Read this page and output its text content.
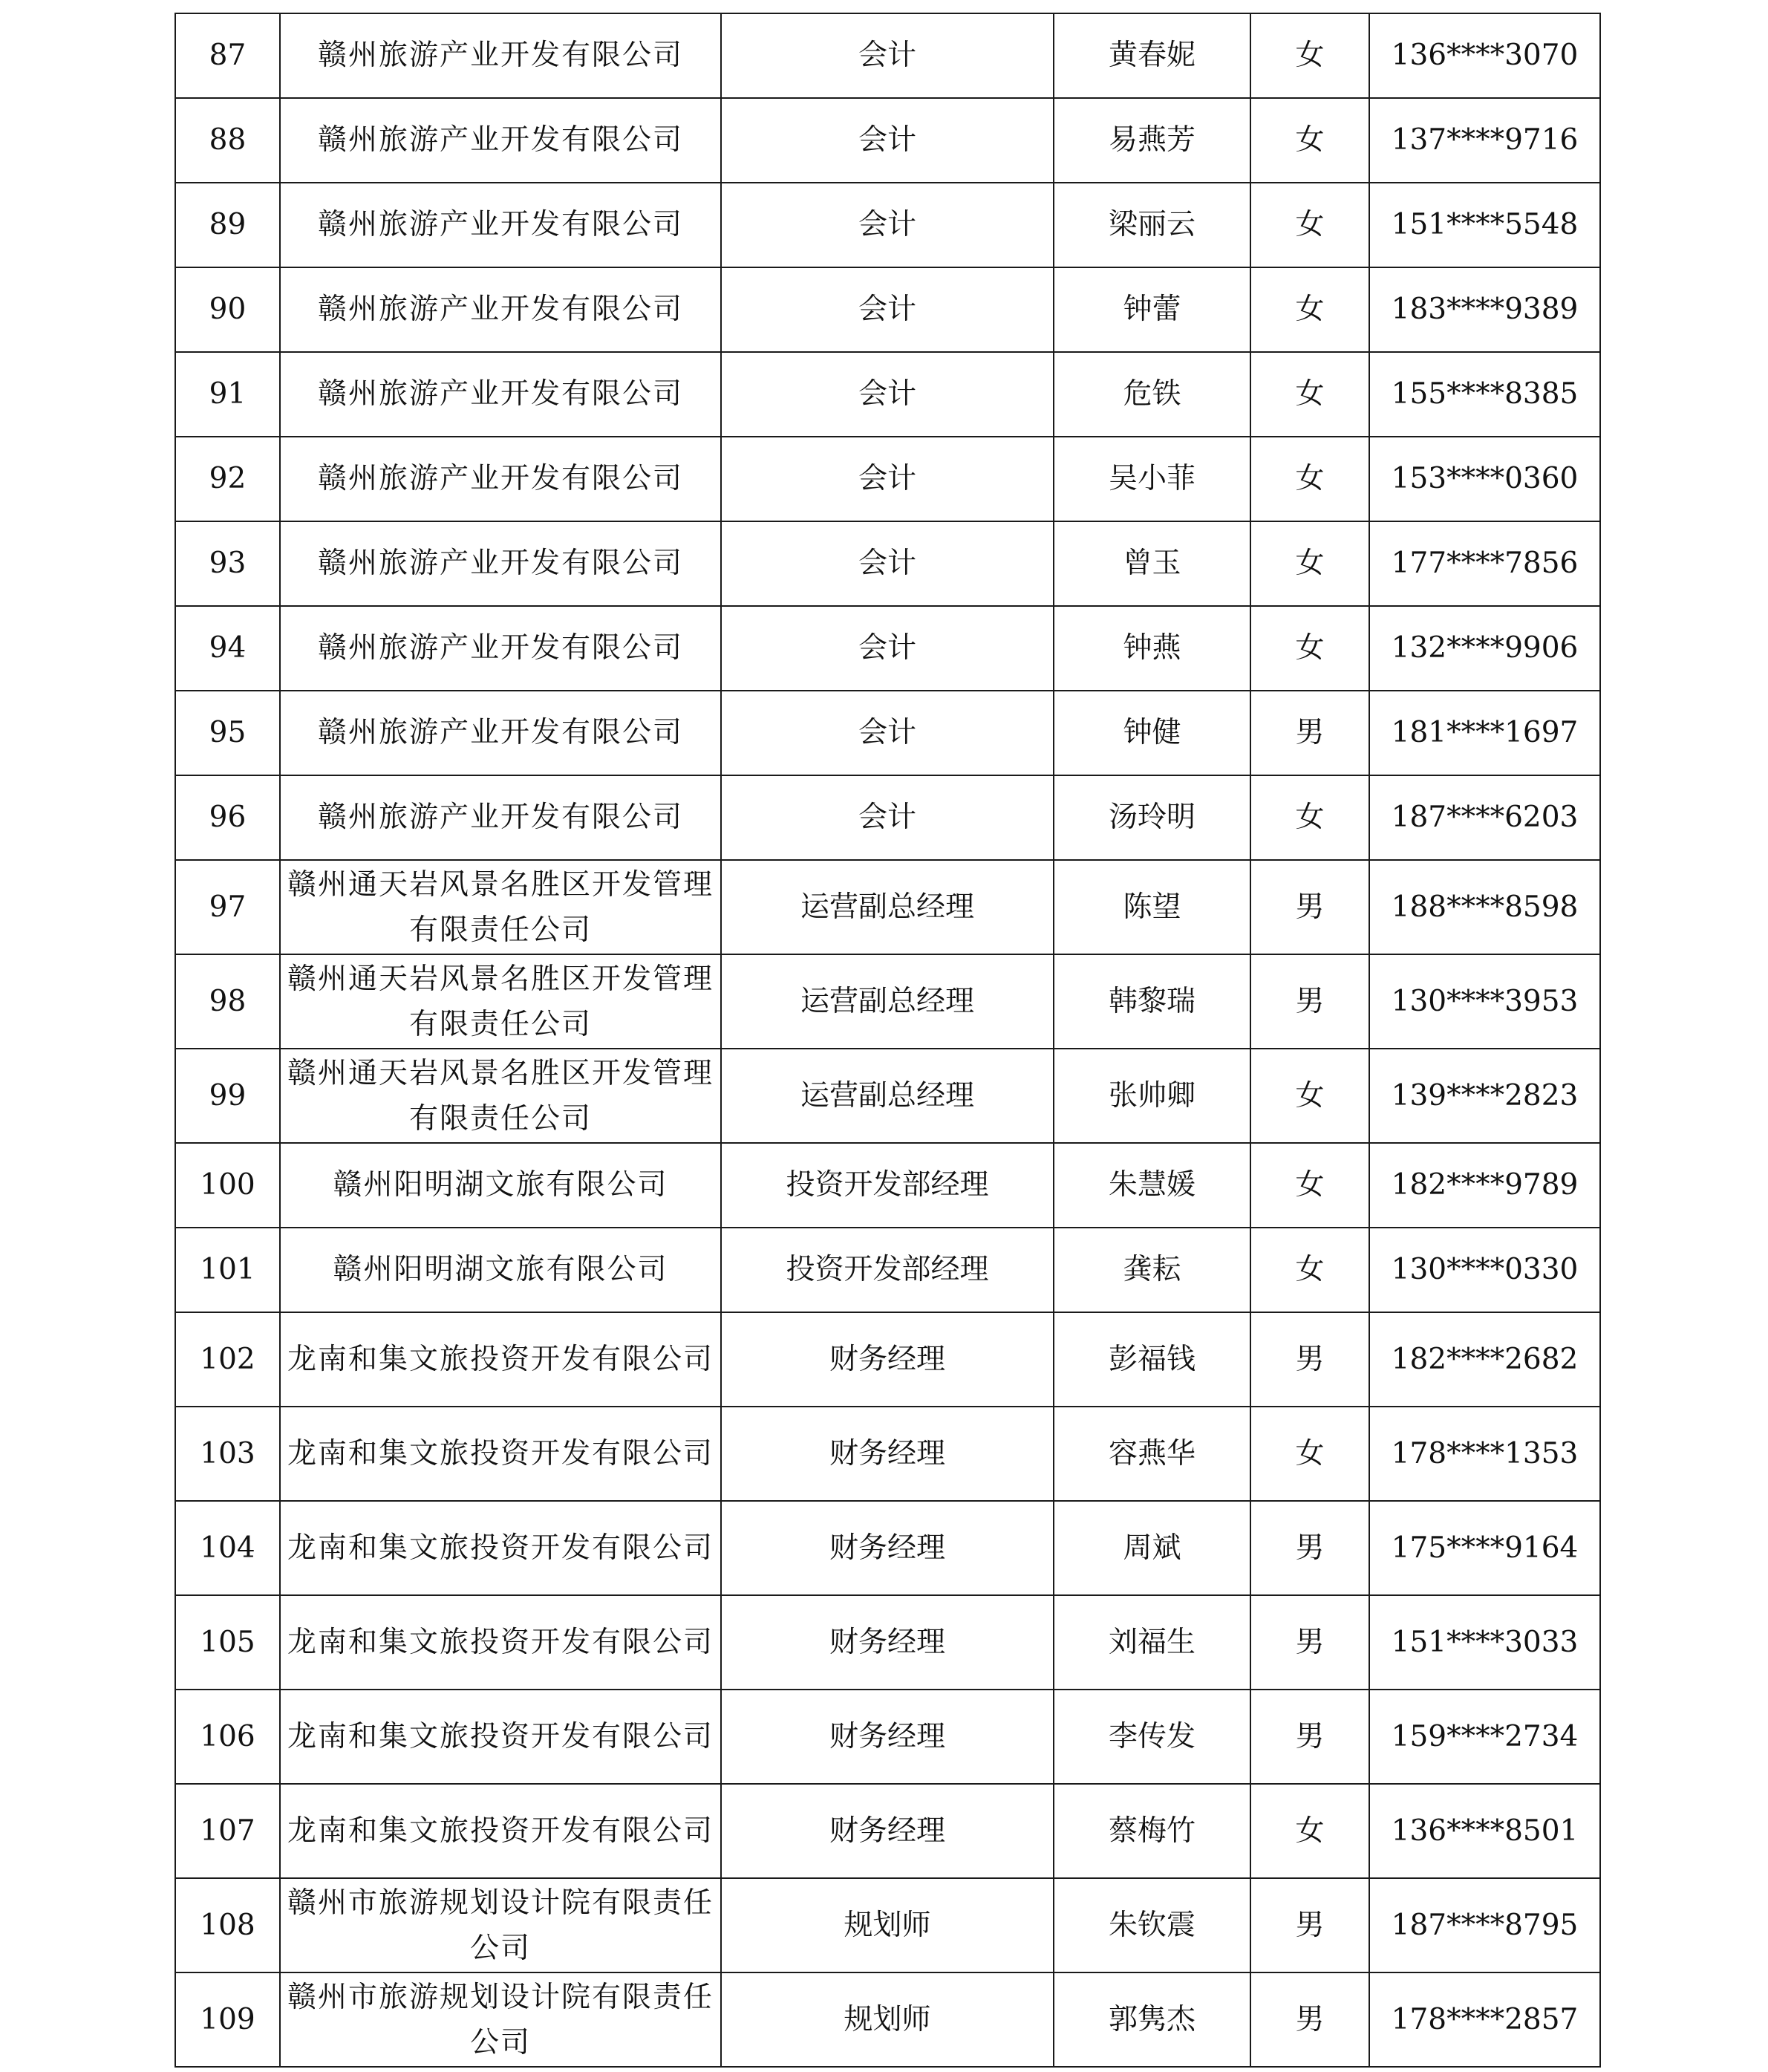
87	赣州旅游产业开发有限公司	会计	黄春妮	女	136****3070
88	赣州旅游产业开发有限公司	会计	易燕芳	女	137****9716
89	赣州旅游产业开发有限公司	会计	梁丽云	女	151****5548
90	赣州旅游产业开发有限公司	会计	钟蕾	女	183****9389
91	赣州旅游产业开发有限公司	会计	危铁	女	155****8385
92	赣州旅游产业开发有限公司	会计	吴小菲	女	153****0360
93	赣州旅游产业开发有限公司	会计	曾玉	女	177****7856
94	赣州旅游产业开发有限公司	会计	钟燕	女	132****9906
95	赣州旅游产业开发有限公司	会计	钟健	男	181****1697
96	赣州旅游产业开发有限公司	会计	汤玲明	女	187****6203
97	赣州通天岩风景名胜区开发管理有限责任公司	运营副总经理	陈望	男	188****8598
98	赣州通天岩风景名胜区开发管理有限责任公司	运营副总经理	韩黎瑞	男	130****3953
99	赣州通天岩风景名胜区开发管理有限责任公司	运营副总经理	张帅卿	女	139****2823
100	赣州阳明湖文旅有限公司	投资开发部经理	朱慧媛	女	182****9789
101	赣州阳明湖文旅有限公司	投资开发部经理	龚耘	女	130****0330
102	龙南和集文旅投资开发有限公司	财务经理	彭福钱	男	182****2682
103	龙南和集文旅投资开发有限公司	财务经理	容燕华	女	178****1353
104	龙南和集文旅投资开发有限公司	财务经理	周斌	男	175****9164
105	龙南和集文旅投资开发有限公司	财务经理	刘福生	男	151****3033
106	龙南和集文旅投资开发有限公司	财务经理	李传发	男	159****2734
107	龙南和集文旅投资开发有限公司	财务经理	蔡梅竹	女	136****8501
108	赣州市旅游规划设计院有限责任公司	规划师	朱钦震	男	187****8795
109	赣州市旅游规划设计院有限责任公司	规划师	郭隽杰	男	178****2857
